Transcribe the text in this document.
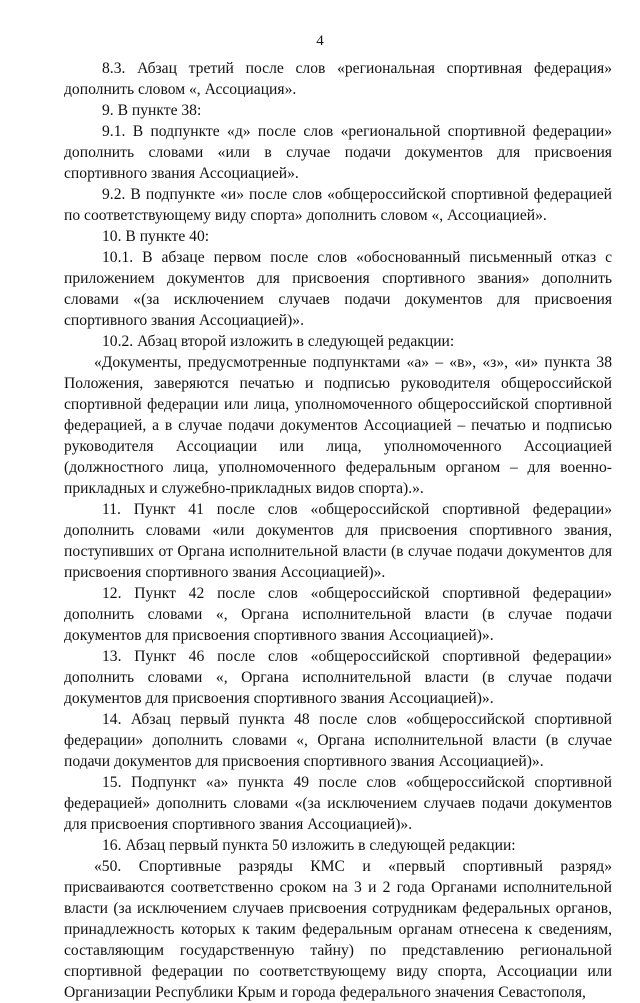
4

8.3. Абзац третий после слов «региональная спортивная федерация» дополнить словом «, Ассоциация».

9. В пункте 38:

9.1. В подпункте «д» после слов «региональной спортивной федерации» дополнить словами «или в случае подачи документов для присвоения спортивного звания Ассоциацией».

9.2. В подпункте «и» после слов «общероссийской спортивной федерацией по соответствующему виду спорта» дополнить словом «, Ассоциацией».

10. В пункте 40:

10.1. В абзаце первом после слов «обоснованный письменный отказ с приложением документов для присвоения спортивного звания» дополнить словами «(за исключением случаев подачи документов для присвоения спортивного звания Ассоциацией)».

10.2. Абзац второй изложить в следующей редакции:

«Документы, предусмотренные подпунктами «а» – «в», «з», «и» пункта 38 Положения, заверяются печатью и подписью руководителя общероссийской спортивной федерации или лица, уполномоченного общероссийской спортивной федерацией, а в случае подачи документов Ассоциацией – печатью и подписью руководителя Ассоциации или лица, уполномоченного Ассоциацией (должностного лица, уполномоченного федеральным органом – для военно-прикладных и служебно-прикладных видов спорта).».

11. Пункт 41 после слов «общероссийской спортивной федерации» дополнить словами «или документов для присвоения спортивного звания, поступивших от Органа исполнительной власти (в случае подачи документов для присвоения спортивного звания Ассоциацией)».

12. Пункт 42 после слов «общероссийской спортивной федерации» дополнить словами «, Органа исполнительной власти (в случае подачи документов для присвоения спортивного звания Ассоциацией)».

13. Пункт 46 после слов «общероссийской спортивной федерации» дополнить словами «, Органа исполнительной власти (в случае подачи документов для присвоения спортивного звания Ассоциацией)».

14. Абзац первый пункта 48 после слов «общероссийской спортивной федерации» дополнить словами «, Органа исполнительной власти (в случае подачи документов для присвоения спортивного звания Ассоциацией)».

15. Подпункт «а» пункта 49 после слов «общероссийской спортивной федерацией» дополнить словами «(за исключением случаев подачи документов для присвоения спортивного звания Ассоциацией)».

16. Абзац первый пункта 50 изложить в следующей редакции:

«50. Спортивные разряды КМС и «первый спортивный разряд» присваиваются соответственно сроком на 3 и 2 года Органами исполнительной власти (за исключением случаев присвоения сотрудникам федеральных органов, принадлежность которых к таким федеральным органам отнесена к сведениям, составляющим государственную тайну) по представлению региональной спортивной федерации по соответствующему виду спорта, Ассоциации или Организации Республики Крым и города федерального значения Севастополя,
